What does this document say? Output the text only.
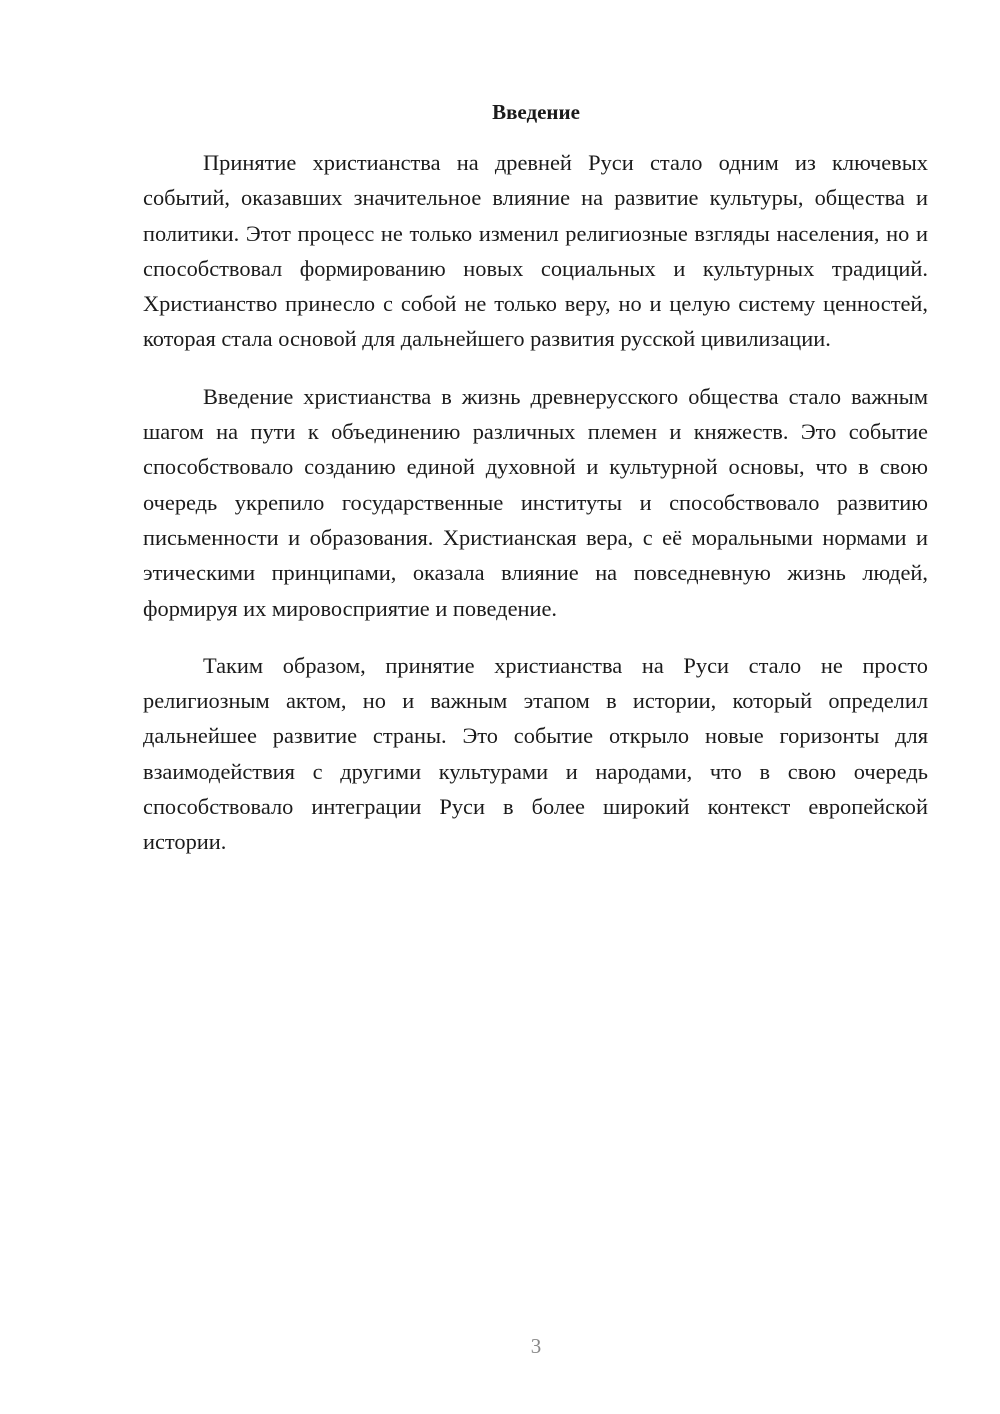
Введение

Принятие христианства на древней Руси стало одним из ключевых событий, оказавших значительное влияние на развитие культуры, общества и политики. Этот процесс не только изменил религиозные взгляды населения, но и способствовал формированию новых социальных и культурных традиций. Христианство принесло с собой не только веру, но и целую систему ценностей, которая стала основой для дальнейшего развития русской цивилизации.

Введение христианства в жизнь древнерусского общества стало важным шагом на пути к объединению различных племен и княжеств. Это событие способствовало созданию единой духовной и культурной основы, что в свою очередь укрепило государственные институты и способствовало развитию письменности и образования. Христианская вера, с её моральными нормами и этическими принципами, оказала влияние на повседневную жизнь людей, формируя их мировосприятие и поведение.

Таким образом, принятие христианства на Руси стало не просто религиозным актом, но и важным этапом в истории, который определил дальнейшее развитие страны. Это событие открыло новые горизонты для взаимодействия с другими культурами и народами, что в свою очередь способствовало интеграции Руси в более широкий контекст европейской истории.

3
